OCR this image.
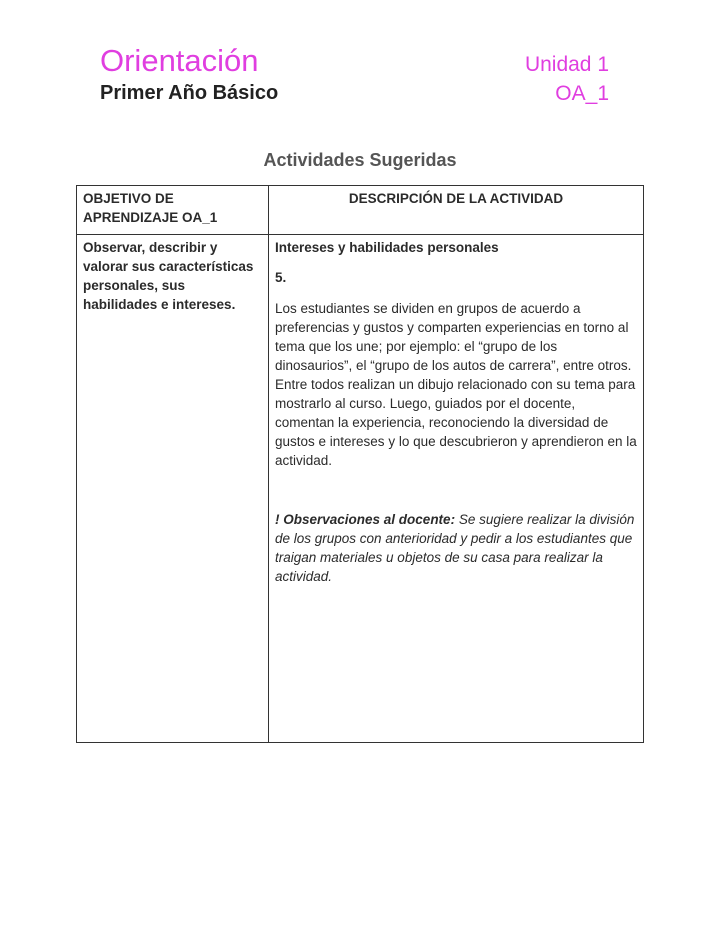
Orientación
Primer Año Básico
Unidad 1
OA_1
Actividades Sugeridas
OBJETIVO DE APRENDIZAJE OA_1	DESCRIPCIÓN DE LA ACTIVIDAD
Observar, describir y valorar sus características personales, sus habilidades e intereses.	Intereses y habilidades personales
5.
Los estudiantes se dividen en grupos de acuerdo a preferencias y gustos y comparten experiencias en torno al tema que los une; por ejemplo: el “grupo de los dinosaurios”, el “grupo de los autos de carrera”, entre otros. Entre todos realizan un dibujo relacionado con su tema para mostrarlo al curso. Luego, guiados por el docente, comentan la experiencia, reconociendo la diversidad de gustos e intereses y lo que descubrieron y aprendieron en la actividad.
! Observaciones al docente: Se sugiere realizar la división de los grupos con anterioridad y pedir a los estudiantes que traigan materiales u objetos de su casa para realizar la actividad.
